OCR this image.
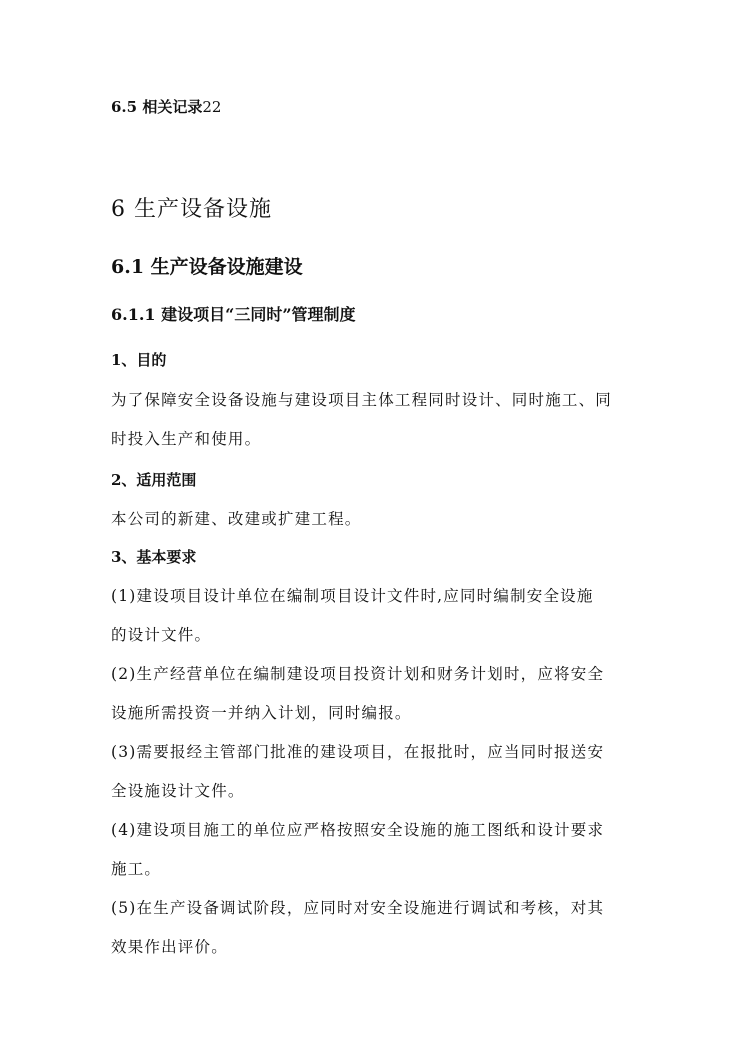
6.5 相关记录22
6 生产设备设施
6.1 生产设备设施建设
6.1.1 建设项目“三同时”管理制度
1、目的
为了保障安全设备设施与建设项目主体工程同时设计、同时施工、同
时投入生产和使用。
2、适用范围
本公司的新建、改建或扩建工程。
3、基本要求
(1)建设项目设计单位在编制项目设计文件时,应同时编制安全设施
的设计文件。
(2)生产经营单位在编制建设项目投资计划和财务计划时，应将安全
设施所需投资一并纳入计划，同时编报。
(3)需要报经主管部门批准的建设项目，在报批时，应当同时报送安
全设施设计文件。
(4)建设项目施工的单位应严格按照安全设施的施工图纸和设计要求
施工。
(5)在生产设备调试阶段，应同时对安全设施进行调试和考核，对其
效果作出评价。
